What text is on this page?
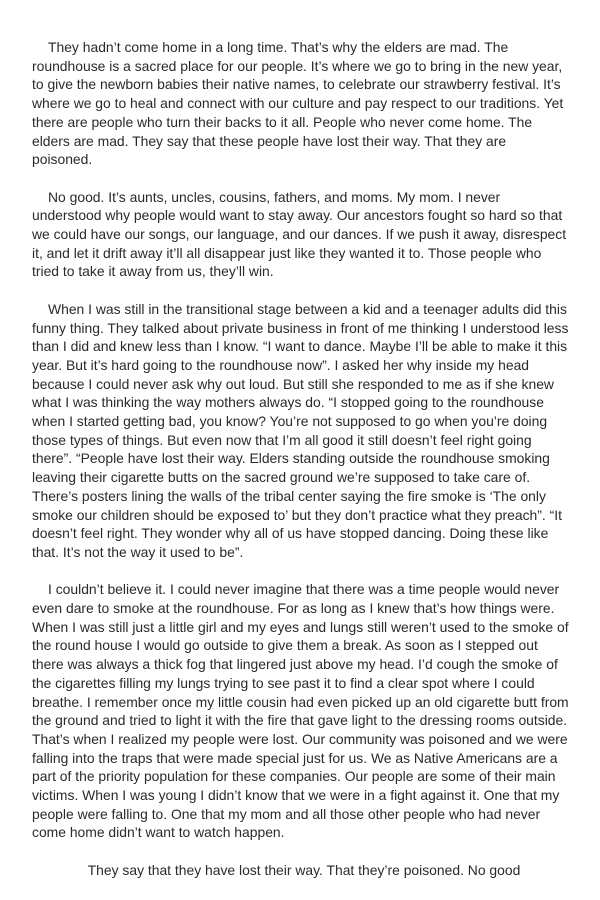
They hadn’t come home in a long time. That’s why the elders are mad. The roundhouse is a sacred place for our people. It’s where we go to bring in the new year, to give the newborn babies their native names, to celebrate our strawberry festival. It’s where we go to heal and connect with our culture and pay respect to our traditions. Yet there are people who turn their backs to it all. People who never come home. The elders are mad. They say that these people have lost their way. That they are poisoned.

No good. It’s aunts, uncles, cousins, fathers, and moms. My mom. I never understood why people would want to stay away. Our ancestors fought so hard so that we could have our songs, our language, and our dances. If we push it away, disrespect it, and let it drift away it’ll all disappear just like they wanted it to. Those people who tried to take it away from us, they’ll win.

When I was still in the transitional stage between a kid and a teenager adults did this funny thing. They talked about private business in front of me thinking I understood less than I did and knew less than I know. “I want to dance. Maybe I’ll be able to make it this year. But it’s hard going to the roundhouse now”. I asked her why inside my head because I could never ask why out loud. But still she responded to me as if she knew what I was thinking the way mothers always do. “I stopped going to the roundhouse when I started getting bad, you know? You’re not supposed to go when you’re doing those types of things. But even now that I’m all good it still doesn’t feel right going there”. “People have lost their way. Elders standing outside the roundhouse smoking leaving their cigarette butts on the sacred ground we’re supposed to take care of. There’s posters lining the walls of the tribal center saying the fire smoke is ‘The only smoke our children should be exposed to’ but they don’t practice what they preach”. “It doesn’t feel right. They wonder why all of us have stopped dancing. Doing these like that. It’s not the way it used to be”.

I couldn’t believe it. I could never imagine that there was a time people would never even dare to smoke at the roundhouse. For as long as I knew that’s how things were. When I was still just a little girl and my eyes and lungs still weren’t used to the smoke of the round house I would go outside to give them a break. As soon as I stepped out there was always a thick fog that lingered just above my head. I’d cough the smoke of the cigarettes filling my lungs trying to see past it to find a clear spot where I could breathe. I remember once my little cousin had even picked up an old cigarette butt from the ground and tried to light it with the fire that gave light to the dressing rooms outside. That’s when I realized my people were lost. Our community was poisoned and we were falling into the traps that were made special just for us. We as Native Americans are a part of the priority population for these companies. Our people are some of their main victims. When I was young I didn’t know that we were in a fight against it. One that my people were falling to. One that my mom and all those other people who had never come home didn’t want to watch happen.

They say that they have lost their way. That they’re poisoned. No good
